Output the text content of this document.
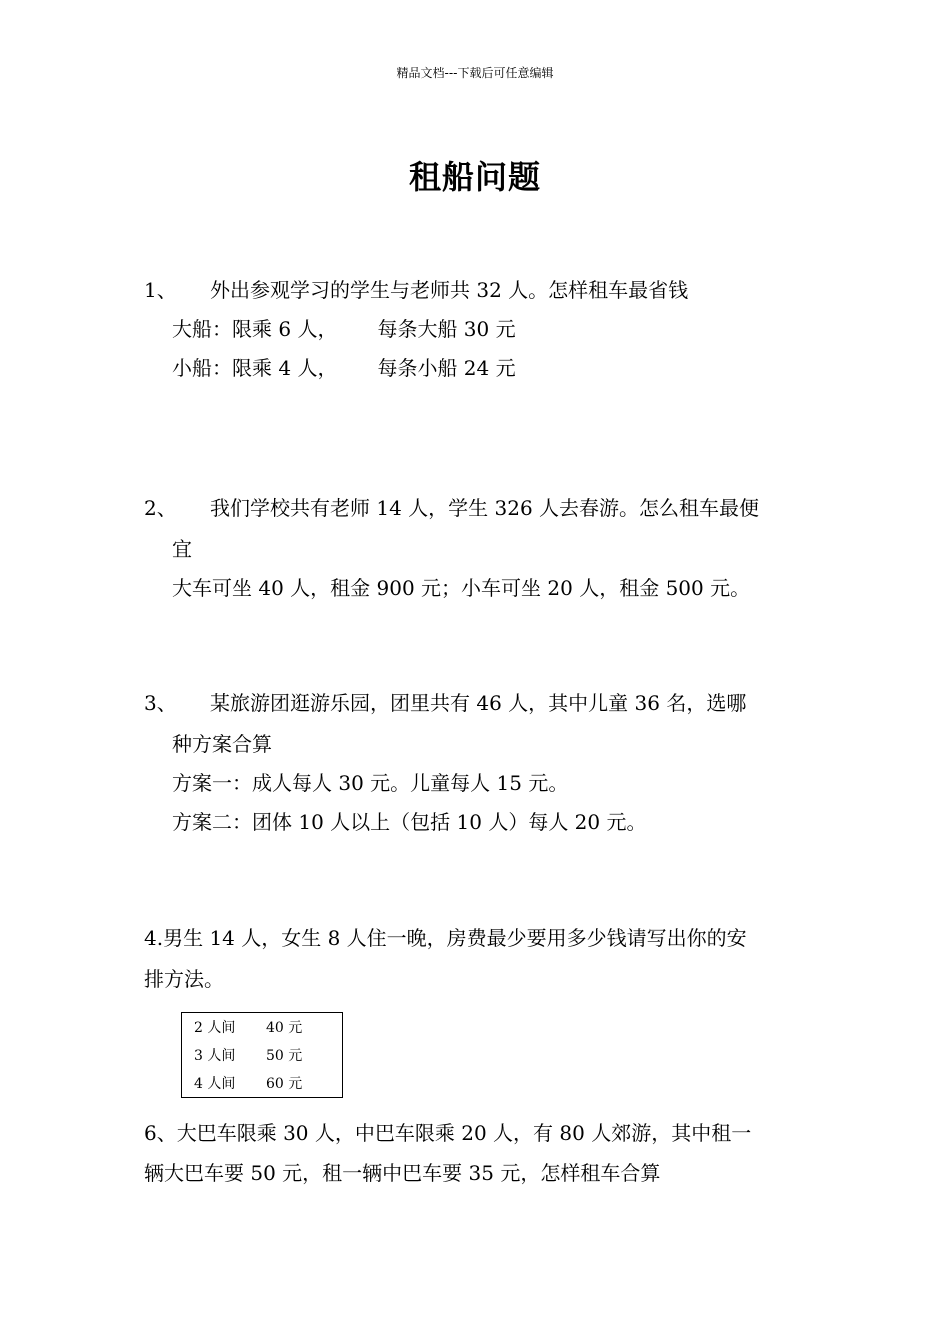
精品文档---下载后可任意编辑
租船问题
1、 外出参观学习的学生与老师共 32 人。怎样租车最省钱
大船：限乘 6 人， 每条大船 30 元
小船：限乘 4 人， 每条小船 24 元
2、 我们学校共有老师 14 人，学生 326 人去春游。怎么租车最便
宜
大车可坐 40 人，租金 900 元；小车可坐 20 人，租金 500 元。
3、 某旅游团逛游乐园，团里共有 46 人，其中儿童 36 名，选哪
种方案合算
方案一：成人每人 30 元。儿童每人 15 元。
方案二：团体 10 人以上（包括 10 人）每人 20 元。
4.男生 14 人，女生 8 人住一晚，房费最少要用多少钱请写出你的安
排方法。
2 人间 40 元
3 人间 50 元
4 人间 60 元
6、大巴车限乘 30 人，中巴车限乘 20 人，有 80 人郊游，其中租一
辆大巴车要 50 元，租一辆中巴车要 35 元，怎样租车合算
